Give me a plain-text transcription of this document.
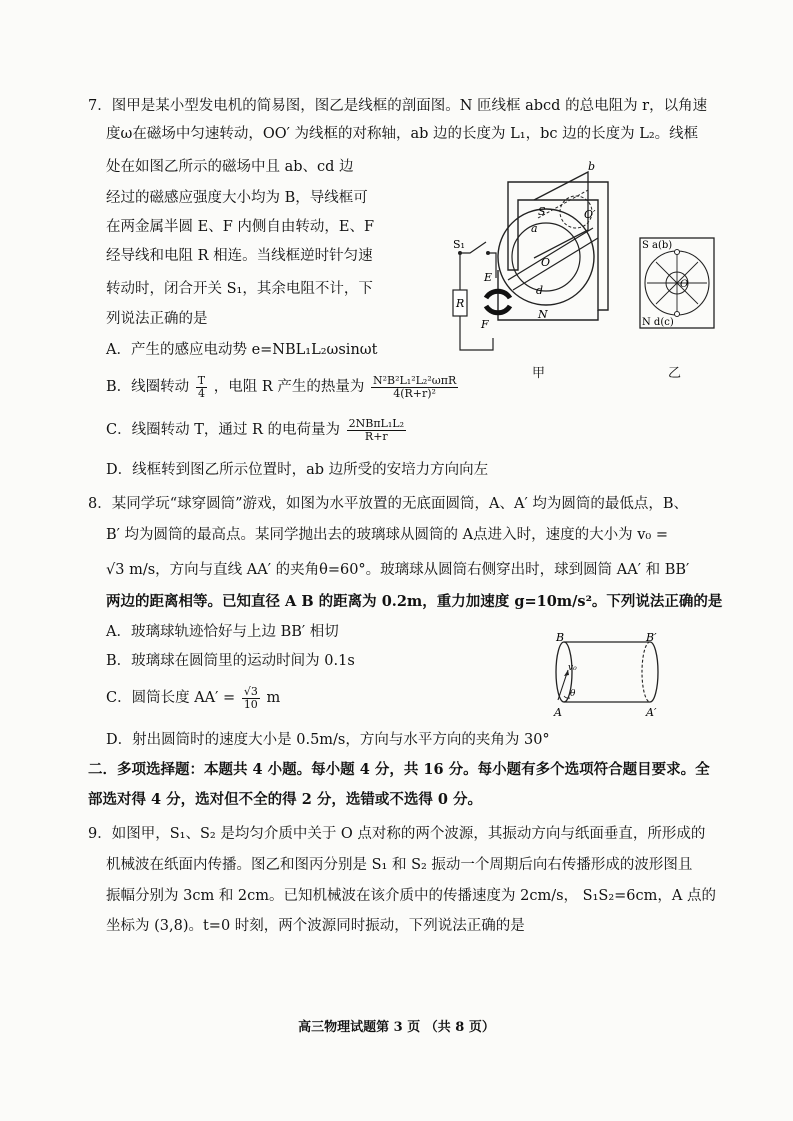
7．图甲是某小型发电机的简易图，图乙是线框的剖面图。N 匝线框 abcd 的总电阻为 r，以角速
度ω在磁场中匀速转动，OO′ 为线框的对称轴，ab 边的长度为 L₁，bc 边的长度为 L₂。线框
处在如图乙所示的磁场中且 ab、cd 边
经过的磁感应强度大小均为 B，导线框可
在两金属半圆 E、F 内侧自由转动，E、F
经导线和电阻 R 相连。当线框逆时针匀速
转动时，闭合开关 S₁，其余电阻不计，下
列说法正确的是
A．产生的感应电动势 e=NBL₁L₂ωsinωt
B．线圈转动 $\frac{T}{4}$ ，电阻 R 产生的热量为 $\frac{\text{N²B²L₁²L₂²ωπR}}{\text{4(R+r)²}}$
C．线圈转动 T，通过 R 的电荷量为 $\frac{\text{2NBπL₁L₂}}{R+r}$
D．线框转到图乙所示位置时，ab 边所受的安培力方向向左
S₁
R
E
F
S
N
a
b
d
O
O′
甲
S a(b)
N d(c)
O
乙
8．某同学玩“球穿圆筒”游戏，如图为水平放置的无底面圆筒，A、A′ 均为圆筒的最低点，B、
B′ 均为圆筒的最高点。某同学抛出去的玻璃球从圆筒的 A点进入时，速度的大小为 v₀ =
√3 m/s，方向与直线 AA′ 的夹角θ=60°。玻璃球从圆筒右侧穿出时，球到圆筒 AA′ 和 BB′
两边的距离相等。已知直径 A B 的距离为 0.2m，重力加速度 g=10m/s²。下列说法正确的是
A．玻璃球轨迹恰好与上边 BB′ 相切
B．玻璃球在圆筒里的运动时间为 0.1s
C．圆筒长度 $AA' = \frac{√3}{10}$ m
D．射出圆筒时的速度大小是 0.5m/s，方向与水平方向的夹角为 30°
B	B′
A	A′
v₀
θ
二．多项选择题：本题共 4 小题。每小题 4 分，共 16 分。每小题有多个选项符合题目要求。全
部选对得 4 分，选对但不全的得 2 分，选错或不选得 0 分。
9．如图甲，S₁、S₂ 是均匀介质中关于 O 点对称的两个波源，其振动方向与纸面垂直，所形成的
机械波在纸面内传播。图乙和图丙分别是 S₁ 和 S₂ 振动一个周期后向右传播形成的波形图且
振幅分别为 3cm 和 2cm。已知机械波在该介质中的传播速度为 2cm/s， S₁S₂=6cm，A 点的
坐标为 (3,8)。t=0 时刻，两个波源同时振动，下列说法正确的是
高三物理试题第 3 页 （共 8 页）
